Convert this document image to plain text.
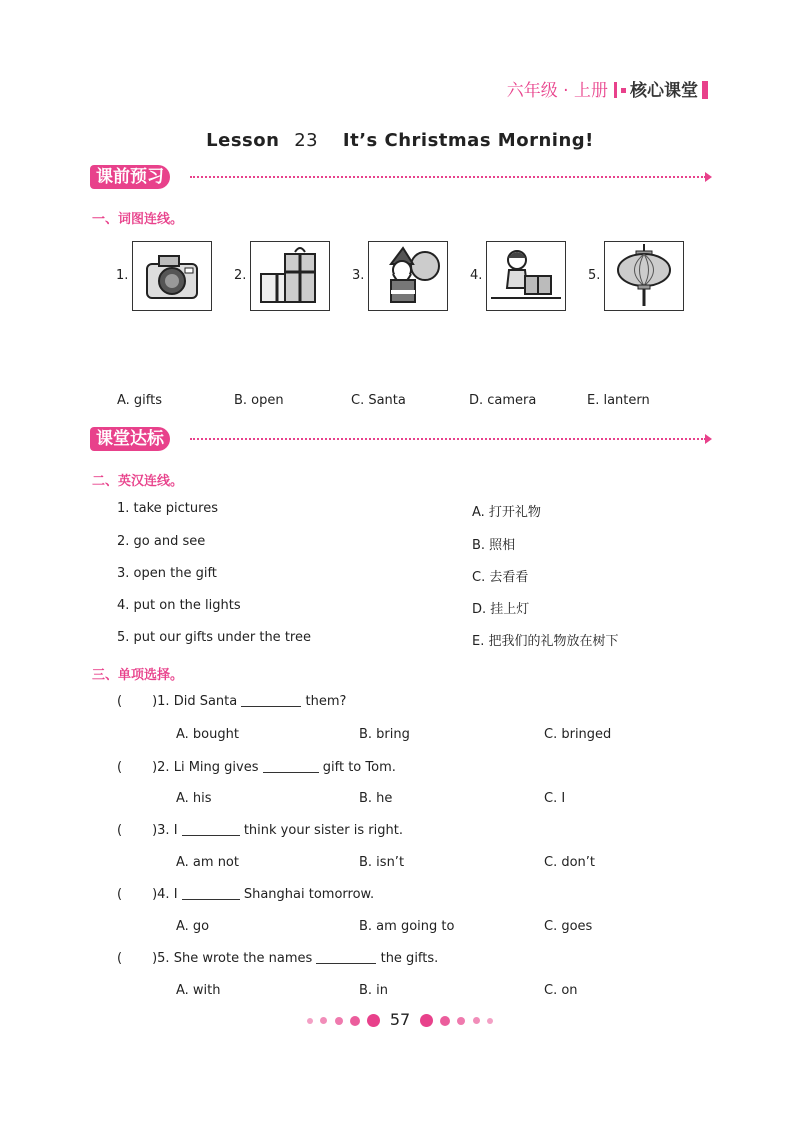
六年级 · 上册 核心课堂
Lesson 23 It’s Christmas Morning!
课前预习
一、词图连线。
1.	2.	3.	4.	5.
A. gifts	B. open	C. Santa	D. camera	E. lantern
课堂达标
二、英汉连线。
1. take pictures
2. go and see
3. open the gift
4. put on the lights
5. put our gifts under the tree
A. 打开礼物
B. 照相
C. 去看看
D. 挂上灯
E. 把我们的礼物放在树下
三、单项选择。
( )1. Did Santa	them?
A. bought	B. bring	C. bringed
( )2. Li Ming gives	gift to Tom.
A. his	B. he	C. I
( )3. I	think your sister is right.
A. am not	B. isn’t	C. don’t
( )4. I	Shanghai tomorrow.
A. go	B. am going to	C. goes
( )5. She wrote the names	the gifts.
A. with	B. in	C. on
57
